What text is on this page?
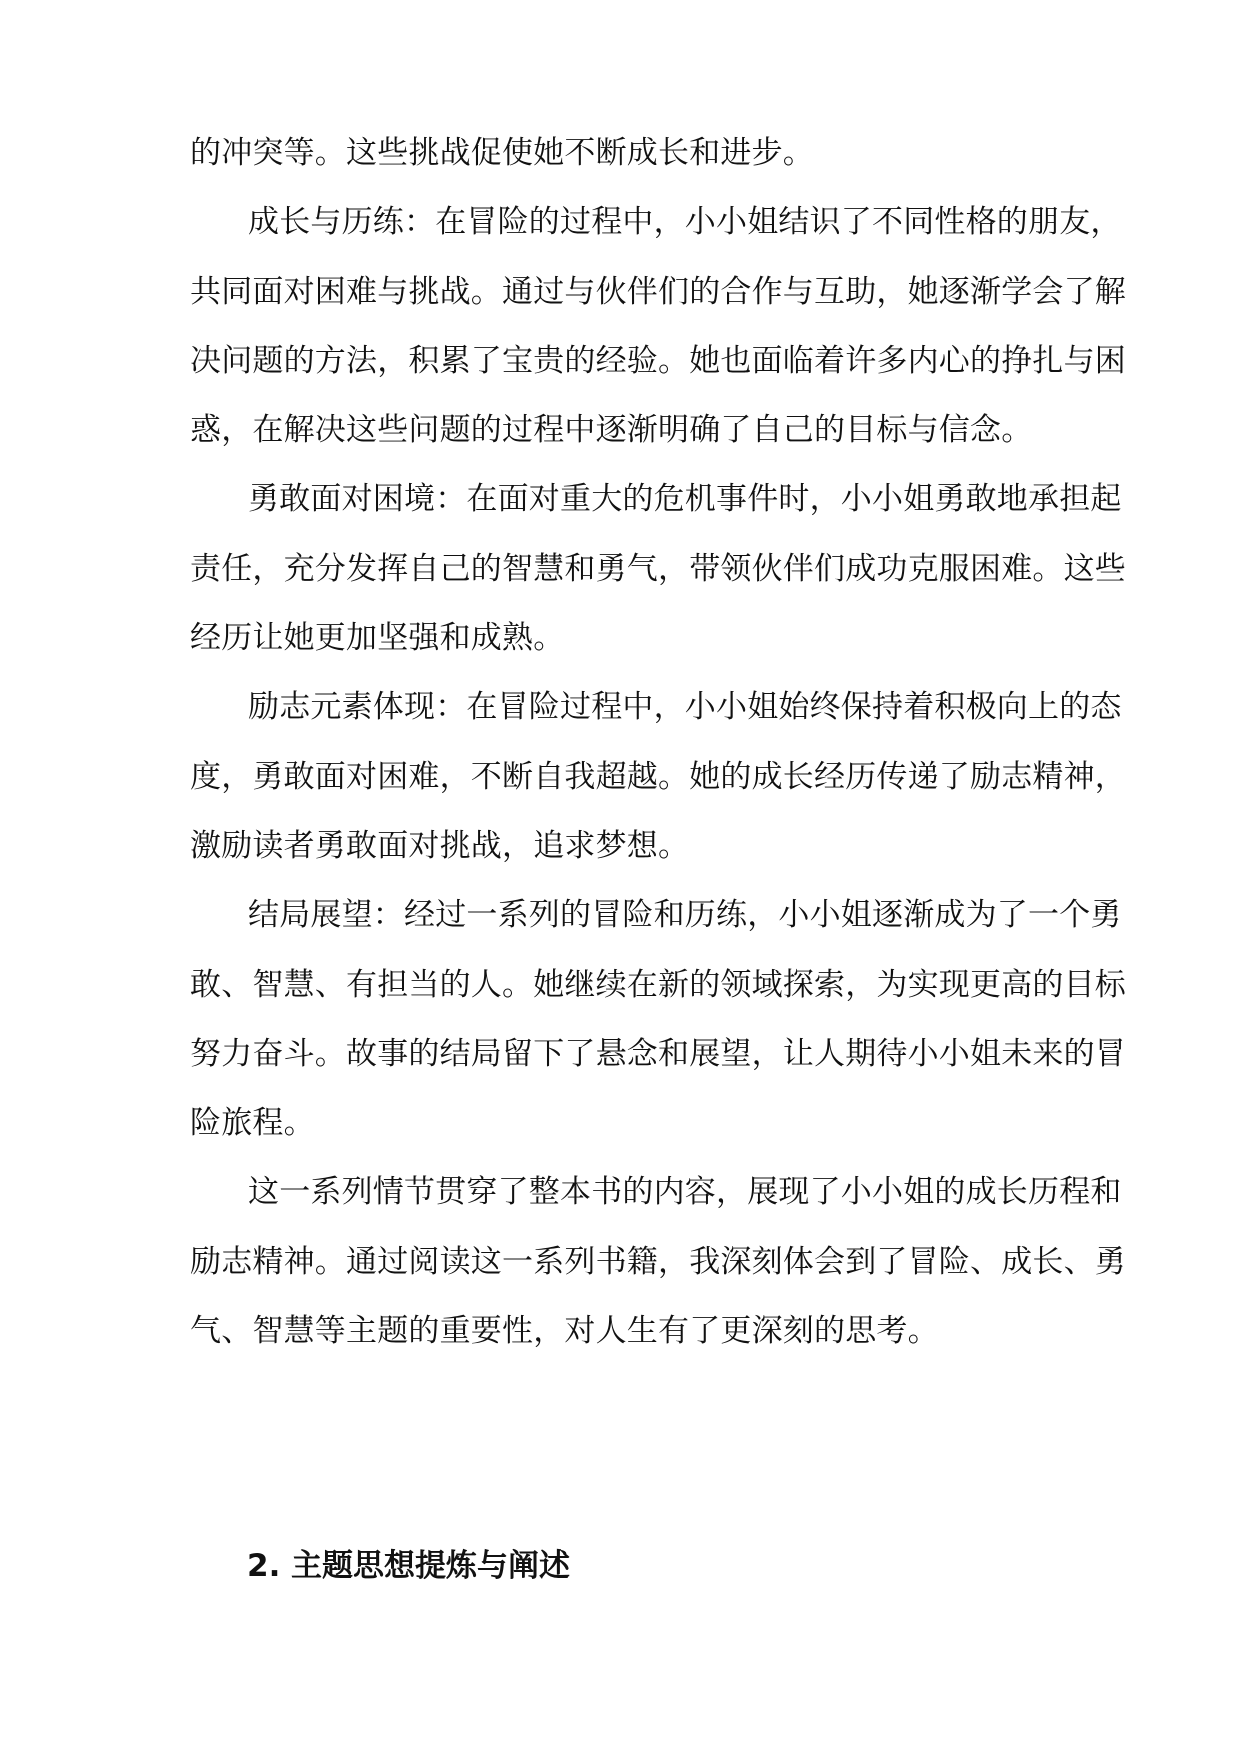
的冲突等。这些挑战促使她不断成长和进步。
成长与历练：在冒险的过程中，小小姐结识了不同性格的朋友，
共同面对困难与挑战。通过与伙伴们的合作与互助，她逐渐学会了解
决问题的方法，积累了宝贵的经验。她也面临着许多内心的挣扎与困
惑，在解决这些问题的过程中逐渐明确了自己的目标与信念。
勇敢面对困境：在面对重大的危机事件时，小小姐勇敢地承担起
责任，充分发挥自己的智慧和勇气，带领伙伴们成功克服困难。这些
经历让她更加坚强和成熟。
励志元素体现：在冒险过程中，小小姐始终保持着积极向上的态
度，勇敢面对困难，不断自我超越。她的成长经历传递了励志精神，
激励读者勇敢面对挑战，追求梦想。
结局展望：经过一系列的冒险和历练，小小姐逐渐成为了一个勇
敢、智慧、有担当的人。她继续在新的领域探索，为实现更高的目标
努力奋斗。故事的结局留下了悬念和展望，让人期待小小姐未来的冒
险旅程。
这一系列情节贯穿了整本书的内容，展现了小小姐的成长历程和
励志精神。通过阅读这一系列书籍，我深刻体会到了冒险、成长、勇
气、智慧等主题的重要性，对人生有了更深刻的思考。
2. 主题思想提炼与阐述
